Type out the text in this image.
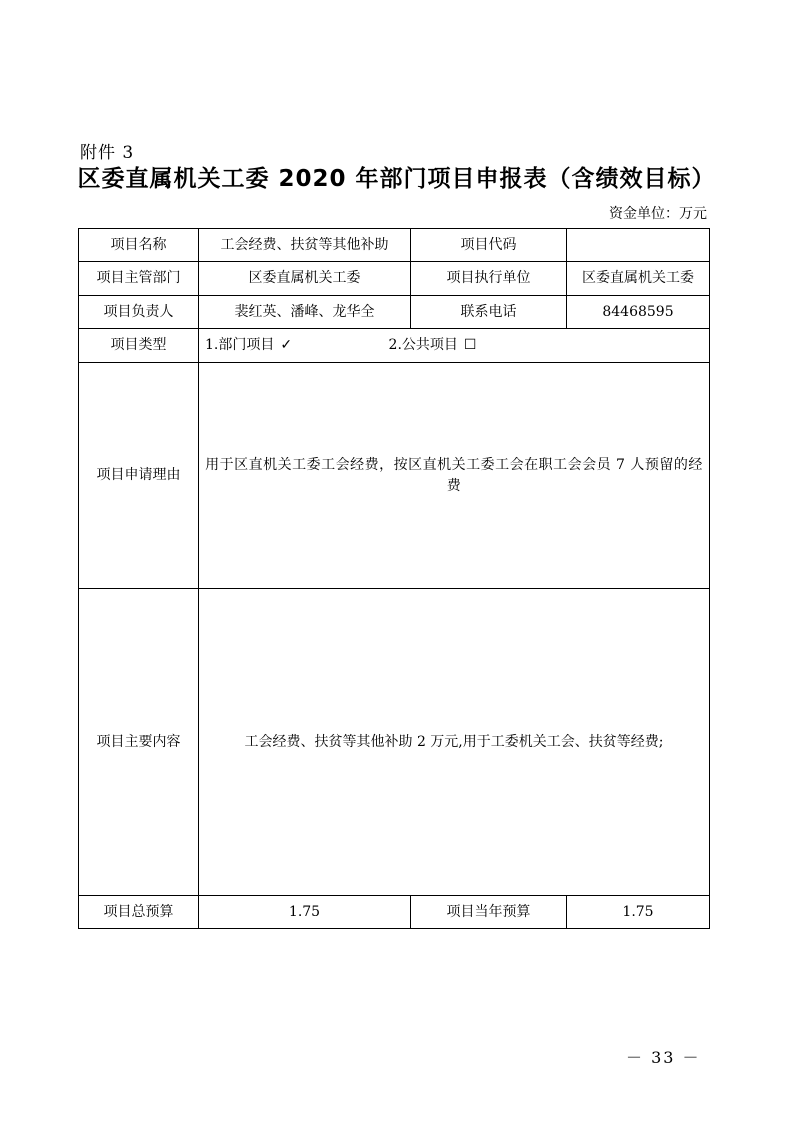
附件 3
区委直属机关工委 2020 年部门项目申报表（含绩效目标）
资金单位：万元
项目名称	工会经费、扶贫等其他补助	项目代码	
项目主管部门	区委直属机关工委	项目执行单位	区委直属机关工委
项目负责人	裴红英、潘峰、龙华全	联系电话	84468595
项目类型	1.部门项目 ✓ 2.公共项目 ☐		
项目申请理由	用于区直机关工委工会经费，按区直机关工委工会在职工会会员 7 人预留的经费		
项目主要内容	工会经费、扶贫等其他补助 2 万元,用于工委机关工会、扶贫等经费;		
项目总预算	1.75	项目当年预算	1.75
－ 33 －
